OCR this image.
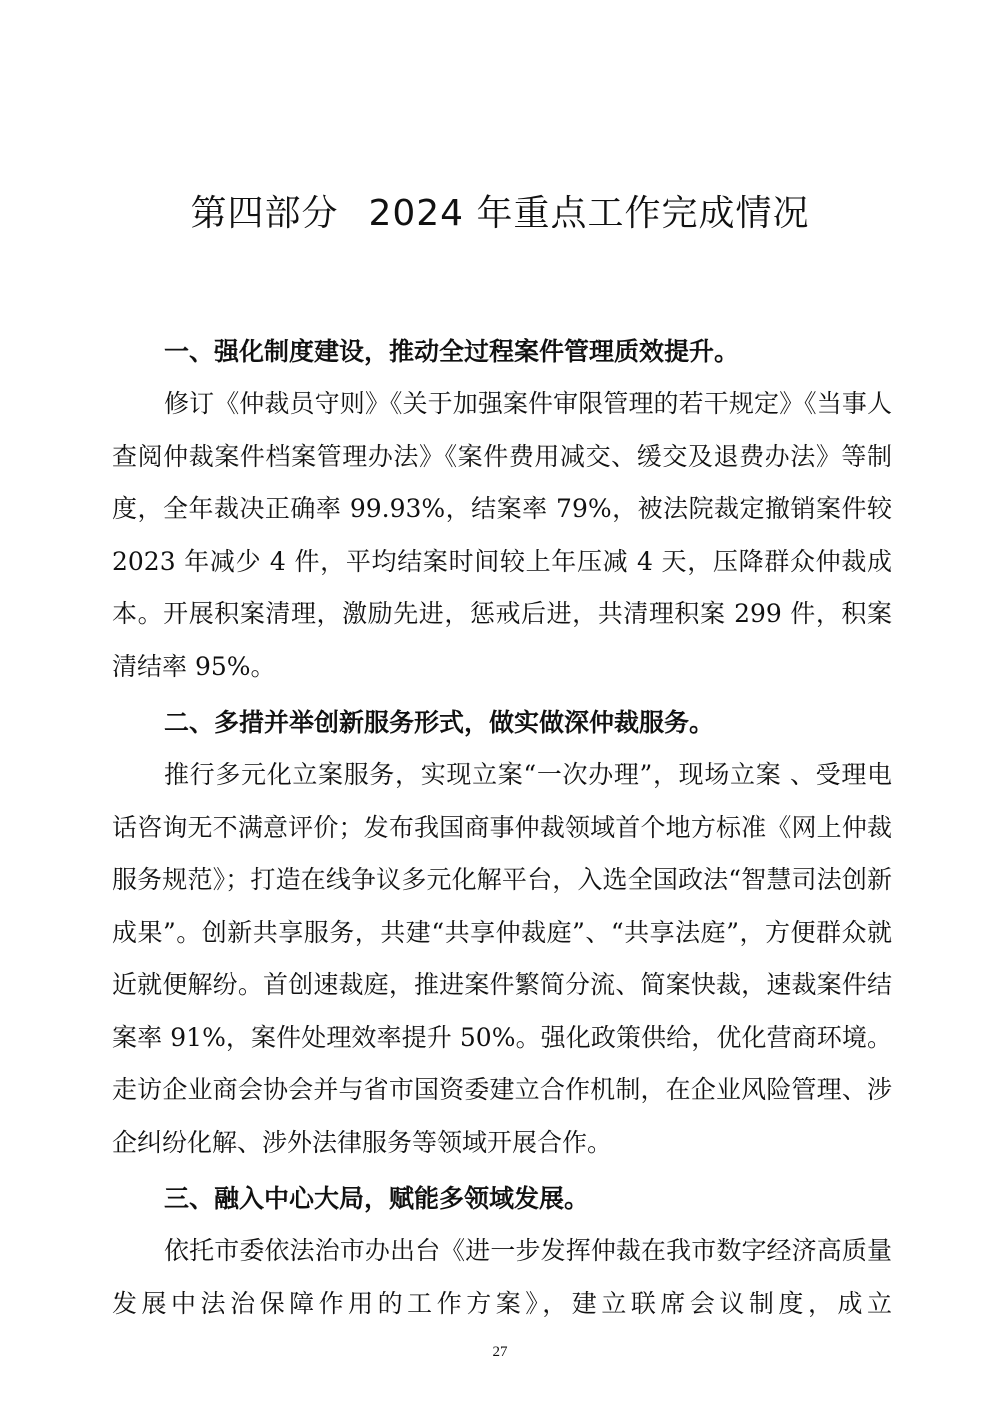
第四部分 2024 年重点工作完成情况
一、强化制度建设，推动全过程案件管理质效提升。

修订《仲裁员守则》《关于加强案件审限管理的若干规定》《当事人查阅仲裁案件档案管理办法》《案件费用减交、缓交及退费办法》等制度，全年裁决正确率 99.93%，结案率 79%，被法院裁定撤销案件较 2023 年减少 4 件，平均结案时间较上年压减 4 天，压降群众仲裁成本。开展积案清理，激励先进，惩戒后进，共清理积案 299 件，积案清结率 95%。

二、多措并举创新服务形式，做实做深仲裁服务。

推行多元化立案服务，实现立案“一次办理”，现场立案 、受理电话咨询无不满意评价；发布我国商事仲裁领域首个地方标准《网上仲裁服务规范》；打造在线争议多元化解平台，入选全国政法“智慧司法创新成果”。创新共享服务，共建“共享仲裁庭”、“共享法庭”，方便群众就近就便解纷。首创速裁庭，推进案件繁简分流、简案快裁，速裁案件结案率 91%，案件处理效率提升 50%。强化政策供给，优化营商环境。走访企业商会协会并与省市国资委建立合作机制，在企业风险管理、涉企纠纷化解、涉外法律服务等领域开展合作。

三、融入中心大局，赋能多领域发展。

依托市委依法治市办出台《进一步发挥仲裁在我市数字经济高质量发展中法治保障作用的工作方案》，建立联席会议制度，成立

27
